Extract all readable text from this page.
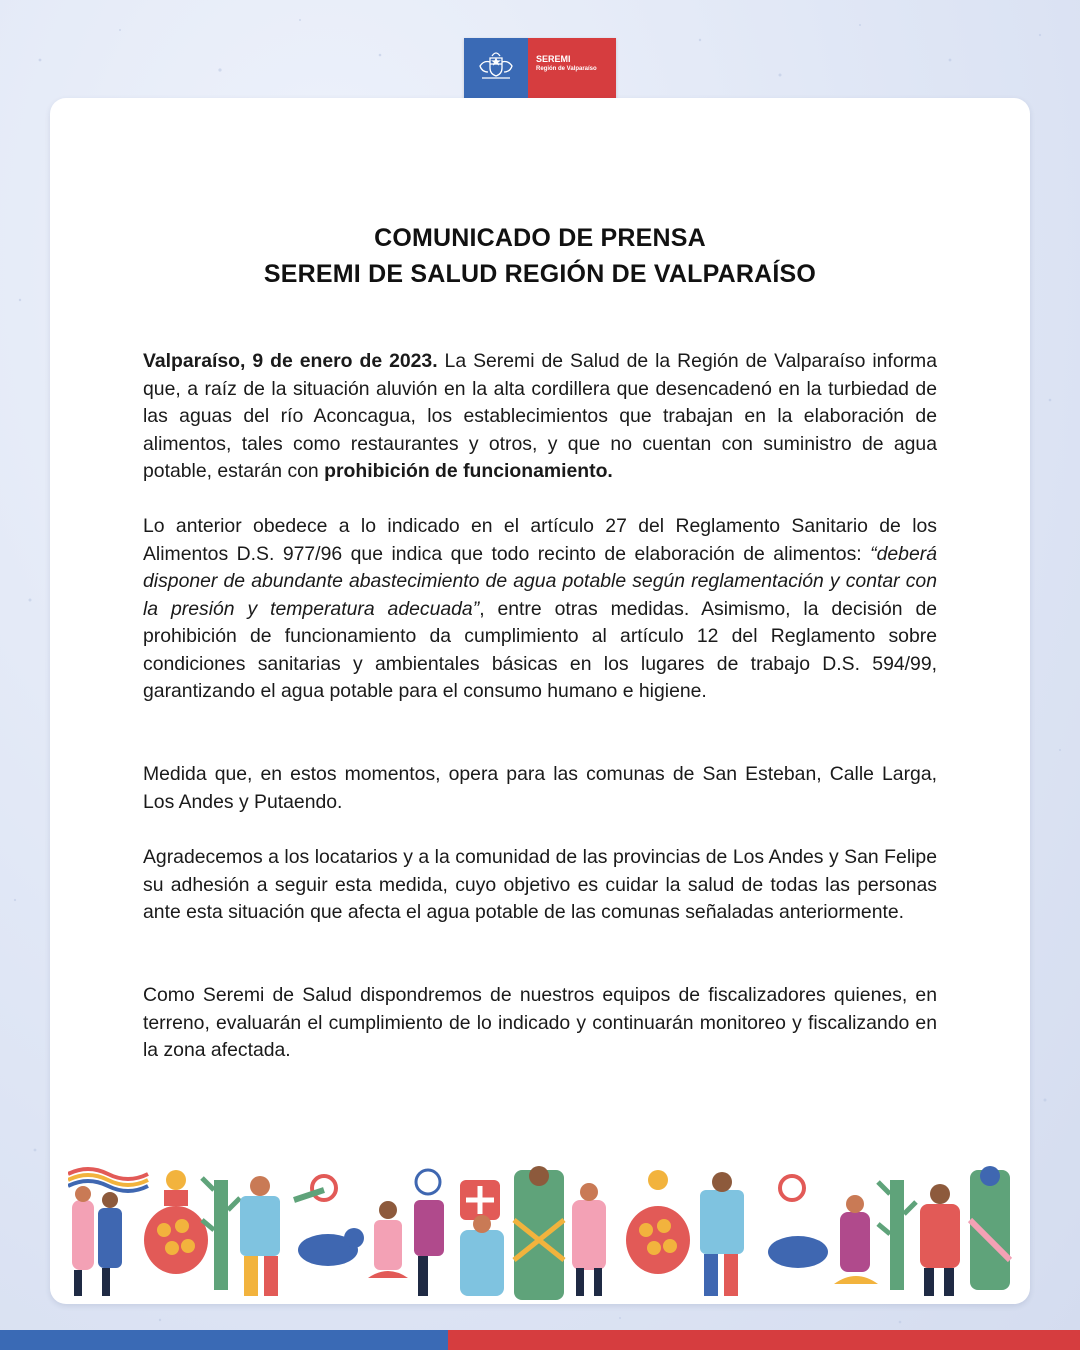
SEREMI
Región de Valparaíso
COMUNICADO DE PRENSA
SEREMI DE SALUD REGIÓN DE VALPARAÍSO

Valparaíso, 9 de enero de 2023. La Seremi de Salud de la Región de Valparaíso informa que, a raíz de la situación aluvión en la alta cordillera que desencadenó en la turbiedad de las aguas del río Aconcagua, los establecimientos que trabajan en la elaboración de alimentos, tales como restaurantes y otros, y que no cuentan con suministro de agua potable, estarán con prohibición de funcionamiento.

Lo anterior obedece a lo indicado en el artículo 27 del Reglamento Sanitario de los Alimentos D.S. 977/96 que indica que todo recinto de elaboración de alimentos: “deberá disponer de abundante abastecimiento de agua potable según reglamentación y contar con la presión y temperatura adecuada”, entre otras medidas. Asimismo, la decisión de prohibición de funcionamiento da cumplimiento al artículo 12 del Reglamento sobre condiciones sanitarias y ambientales básicas en los lugares de trabajo D.S. 594/99, garantizando el agua potable para el consumo humano e higiene.

Medida que, en estos momentos, opera para las comunas de San Esteban, Calle Larga, Los Andes y Putaendo.

Agradecemos a los locatarios y a la comunidad de las provincias de Los Andes y San Felipe su adhesión a seguir esta medida, cuyo objetivo es cuidar la salud de todas las personas ante esta situación que afecta el agua potable de las comunas señaladas anteriormente.

Como Seremi de Salud dispondremos de nuestros equipos de fiscalizadores quienes, en terreno, evaluarán el cumplimiento de lo indicado y continuarán monitoreo y fiscalizando en la zona afectada.
